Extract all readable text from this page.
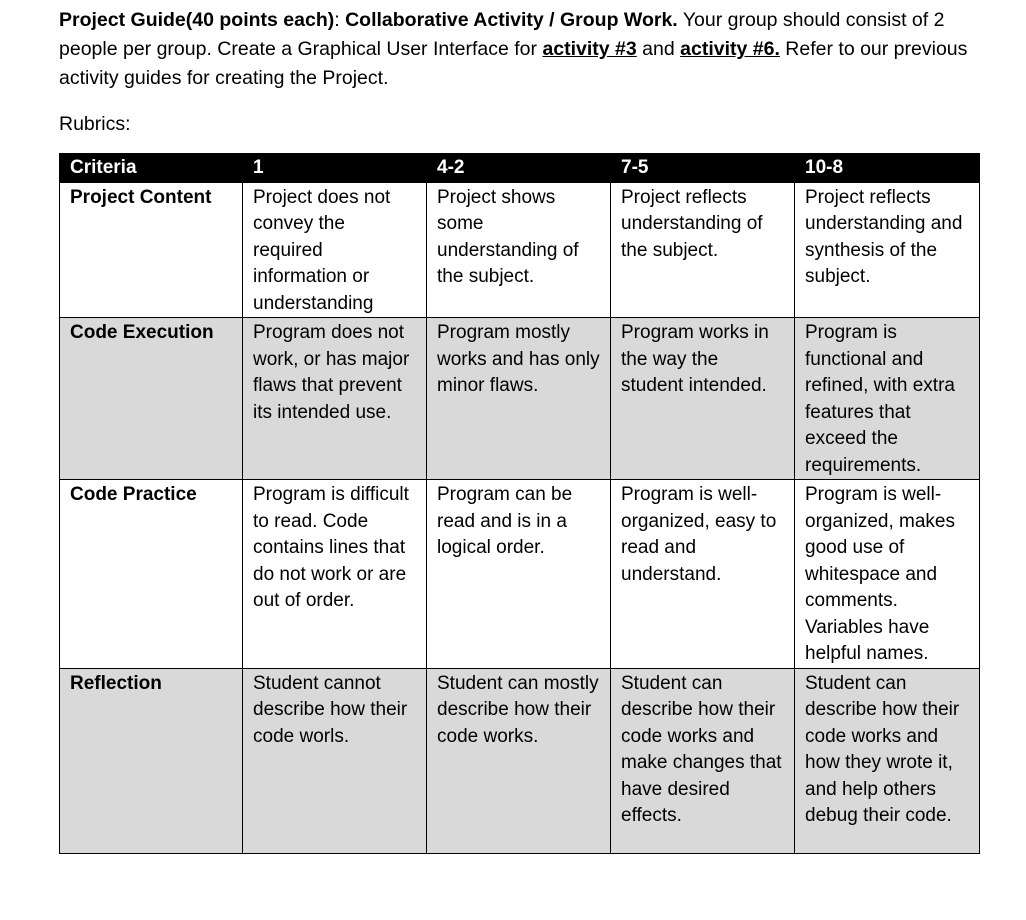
Project Guide(40 points each): Collaborative Activity / Group Work. Your group should consist of 2 people per group. Create a Graphical User Interface for activity #3 and activity #6. Refer to our previous activity guides for creating the Project.

Rubrics:

Criteria	1	4-2	7-5	10-8
Project Content	Project does not convey the required information or understanding	Project shows some understanding of the subject.	Project reflects understanding of the subject.	Project reflects understanding and synthesis of the subject.
Code Execution	Program does not work, or has major flaws that prevent its intended use.	Program mostly works and has only minor flaws.	Program works in the way the student intended.	Program is functional and refined, with extra features that exceed the requirements.
Code Practice	Program is difficult to read. Code contains lines that do not work or are out of order.	Program can be read and is in a logical order.	Program is well-organized, easy to read and understand.	Program is well-organized, makes good use of whitespace and comments. Variables have helpful names.
Reflection	Student cannot describe how their code worls.	Student can mostly describe how their code works.	Student can describe how their code works and make changes that have desired effects.	Student can describe how their code works and how they wrote it, and help others debug their code.
